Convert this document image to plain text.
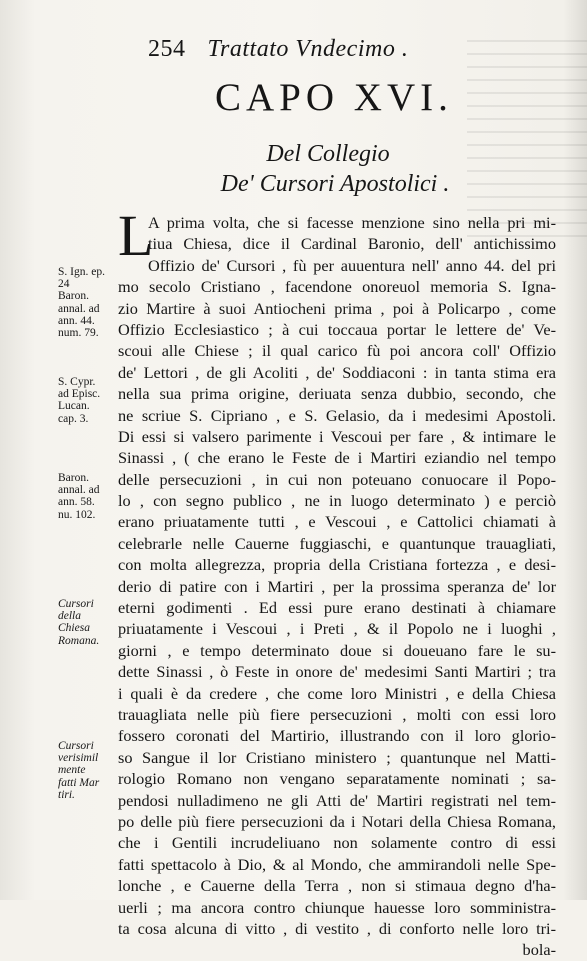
254 Trattato Vndecimo .
CAPO XVI.
Del Collegio
De' Cursori Apostolici .
L
A prima volta, che si facesse menzione sino nella pri mi-
tiua Chiesa, dice il Cardinal Baronio, dell' antichissimo
Offizio de' Cursori , fù per auuentura nell' anno 44. del pri
mo secolo Cristiano , facendone onoreuol memoria S. Igna-
zio Martire à suoi Antiocheni prima , poi à Policarpo , come
Offizio Ecclesiastico ; à cui toccaua portar le lettere de' Ve-
scoui alle Chiese ; il qual carico fù poi ancora coll' Offizio
de' Lettori , de gli Acoliti , de' Soddiaconi : in tanta stima era
nella sua prima origine, deriuata senza dubbio, secondo, che
ne scriue S. Cipriano , e S. Gelasio, da i medesimi Apostoli.
Di essi si valsero parimente i Vescoui per fare , & intimare le
Sinassi , ( che erano le Feste de i Martiri eziandio nel tempo
delle persecuzioni , in cui non poteuano conuocare il Popo-
lo , con segno publico , ne in luogo determinato ) e perciò
erano priuatamente tutti , e Vescoui , e Cattolici chiamati à
celebrarle nelle Cauerne fuggiaschi, e quantunque trauagliati,
con molta allegrezza, propria della Cristiana fortezza , e desi-
derio di patire con i Martiri , per la prossima speranza de' lor
eterni godimenti . Ed essi pure erano destinati à chiamare
priuatamente i Vescoui , i Preti , & il Popolo ne i luoghi ,
giorni , e tempo determinato doue si doueuano fare le su-
dette Sinassi , ò Feste in onore de' medesimi Santi Martiri ; tra
i quali è da credere , che come loro Ministri , e della Chiesa
trauagliata nelle più fiere persecuzioni , molti con essi loro
fossero coronati del Martirio, illustrando con il loro glorio-
so Sangue il lor Cristiano ministero ; quantunque nel Matti-
rologio Romano non vengano separatamente nominati ; sa-
pendosi nulladimeno ne gli Atti de' Martiri registrati nel tem-
po delle più fiere persecuzioni da i Notari della Chiesa Romana,
che i Gentili incrudeliuano non solamente contro di essi
fatti spettacolo à Dio, & al Mondo, che ammirandoli nelle Spe-
lonche , e Cauerne della Terra , non si stimaua degno d'ha-
uerli ; ma ancora contro chiunque hauesse loro somministra-
ta cosa alcuna di vitto , di vestito , di conforto nelle loro tri-
bola-
S. Ign. ep.
24
Baron.
annal. ad
ann. 44.
num. 79.
S. Cypr.
ad Episc.
Lucan.
cap. 3.
Baron.
annal. ad
ann. 58.
nu. 102.
Cursori
della
Chiesa
Romana.
Cursori
verisimil
mente
fatti Mar
tiri.
